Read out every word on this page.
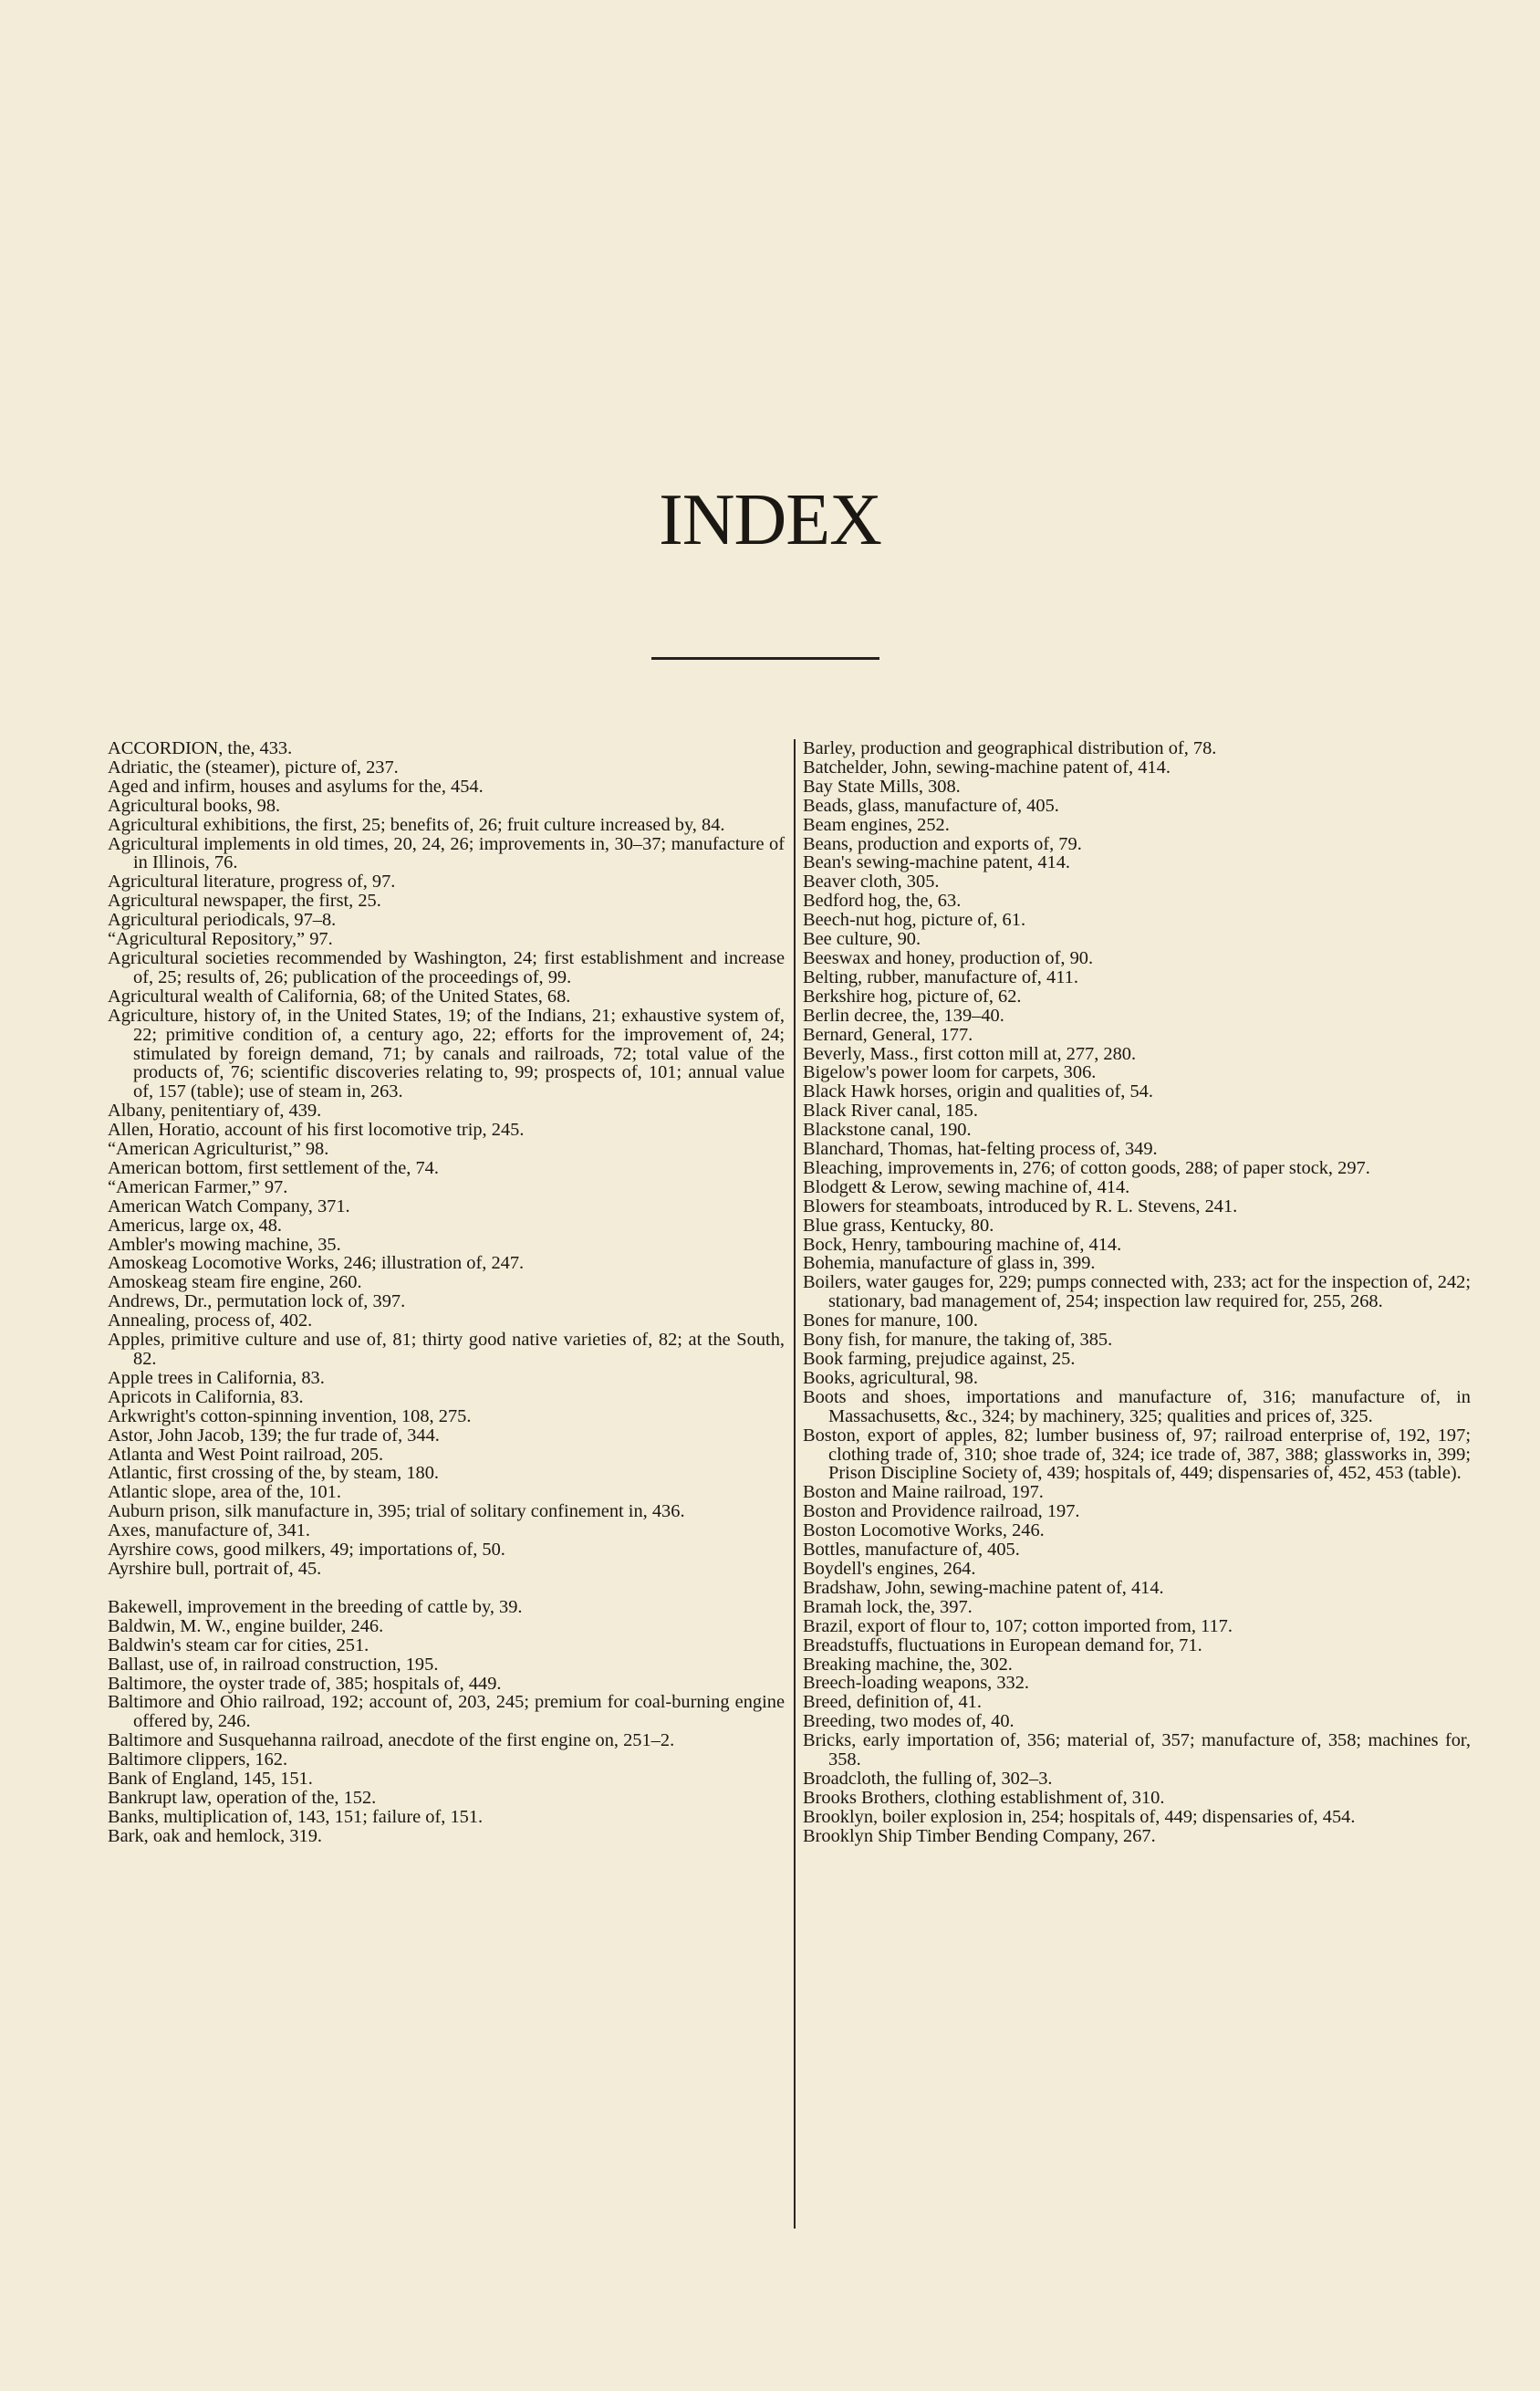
INDEX

ACCORDION, the, 433.

Adriatic, the (steamer), picture of, 237.

Aged and infirm, houses and asylums for the, 454.

Agricultural books, 98.

Agricultural exhibitions, the first, 25; benefits of, 26; fruit culture increased by, 84.

Agricultural implements in old times, 20, 24, 26; improvements in, 30–37; manufacture of in Illinois, 76.

Agricultural literature, progress of, 97.

Agricultural newspaper, the first, 25.

Agricultural periodicals, 97–8.

“Agricultural Repository,” 97.

Agricultural societies recommended by Washington, 24; first establishment and increase of, 25; results of, 26; publication of the proceedings of, 99.

Agricultural wealth of California, 68; of the United States, 68.

Agriculture, history of, in the United States, 19; of the Indians, 21; exhaustive system of, 22; primitive condition of, a century ago, 22; efforts for the improvement of, 24; stimulated by foreign demand, 71; by canals and railroads, 72; total value of the products of, 76; scientific discoveries relating to, 99; prospects of, 101; annual value of, 157 (table); use of steam in, 263.

Albany, penitentiary of, 439.

Allen, Horatio, account of his first locomotive trip, 245.

“American Agriculturist,” 98.

American bottom, first settlement of the, 74.

“American Farmer,” 97.

American Watch Company, 371.

Americus, large ox, 48.

Ambler's mowing machine, 35.

Amoskeag Locomotive Works, 246; illustration of, 247.

Amoskeag steam fire engine, 260.

Andrews, Dr., permutation lock of, 397.

Annealing, process of, 402.

Apples, primitive culture and use of, 81; thirty good native varieties of, 82; at the South, 82.

Apple trees in California, 83.

Apricots in California, 83.

Arkwright's cotton-spinning invention, 108, 275.

Astor, John Jacob, 139; the fur trade of, 344.

Atlanta and West Point railroad, 205.

Atlantic, first crossing of the, by steam, 180.

Atlantic slope, area of the, 101.

Auburn prison, silk manufacture in, 395; trial of solitary confinement in, 436.

Axes, manufacture of, 341.

Ayrshire cows, good milkers, 49; importations of, 50.

Ayrshire bull, portrait of, 45.

Bakewell, improvement in the breeding of cattle by, 39.

Baldwin, M. W., engine builder, 246.

Baldwin's steam car for cities, 251.

Ballast, use of, in railroad construction, 195.

Baltimore, the oyster trade of, 385; hospitals of, 449.

Baltimore and Ohio railroad, 192; account of, 203, 245; premium for coal-burning engine offered by, 246.

Baltimore and Susquehanna railroad, anecdote of the first engine on, 251–2.

Baltimore clippers, 162.

Bank of England, 145, 151.

Bankrupt law, operation of the, 152.

Banks, multiplication of, 143, 151; failure of, 151.

Bark, oak and hemlock, 319.

Barley, production and geographical distribution of, 78.

Batchelder, John, sewing-machine patent of, 414.

Bay State Mills, 308.

Beads, glass, manufacture of, 405.

Beam engines, 252.

Beans, production and exports of, 79.

Bean's sewing-machine patent, 414.

Beaver cloth, 305.

Bedford hog, the, 63.

Beech-nut hog, picture of, 61.

Bee culture, 90.

Beeswax and honey, production of, 90.

Belting, rubber, manufacture of, 411.

Berkshire hog, picture of, 62.

Berlin decree, the, 139–40.

Bernard, General, 177.

Beverly, Mass., first cotton mill at, 277, 280.

Bigelow's power loom for carpets, 306.

Black Hawk horses, origin and qualities of, 54.

Black River canal, 185.

Blackstone canal, 190.

Blanchard, Thomas, hat-felting process of, 349.

Bleaching, improvements in, 276; of cotton goods, 288; of paper stock, 297.

Blodgett & Lerow, sewing machine of, 414.

Blowers for steamboats, introduced by R. L. Stevens, 241.

Blue grass, Kentucky, 80.

Bock, Henry, tambouring machine of, 414.

Bohemia, manufacture of glass in, 399.

Boilers, water gauges for, 229; pumps connected with, 233; act for the inspection of, 242; stationary, bad management of, 254; inspection law required for, 255, 268.

Bones for manure, 100.

Bony fish, for manure, the taking of, 385.

Book farming, prejudice against, 25.

Books, agricultural, 98.

Boots and shoes, importations and manufacture of, 316; manufacture of, in Massachusetts, &c., 324; by machinery, 325; qualities and prices of, 325.

Boston, export of apples, 82; lumber business of, 97; railroad enterprise of, 192, 197; clothing trade of, 310; shoe trade of, 324; ice trade of, 387, 388; glassworks in, 399; Prison Discipline Society of, 439; hospitals of, 449; dispensaries of, 452, 453 (table).

Boston and Maine railroad, 197.

Boston and Providence railroad, 197.

Boston Locomotive Works, 246.

Bottles, manufacture of, 405.

Boydell's engines, 264.

Bradshaw, John, sewing-machine patent of, 414.

Bramah lock, the, 397.

Brazil, export of flour to, 107; cotton imported from, 117.

Breadstuffs, fluctuations in European demand for, 71.

Breaking machine, the, 302.

Breech-loading weapons, 332.

Breed, definition of, 41.

Breeding, two modes of, 40.

Bricks, early importation of, 356; material of, 357; manufacture of, 358; machines for, 358.

Broadcloth, the fulling of, 302–3.

Brooks Brothers, clothing establishment of, 310.

Brooklyn, boiler explosion in, 254; hospitals of, 449; dispensaries of, 454.

Brooklyn Ship Timber Bending Company, 267.
